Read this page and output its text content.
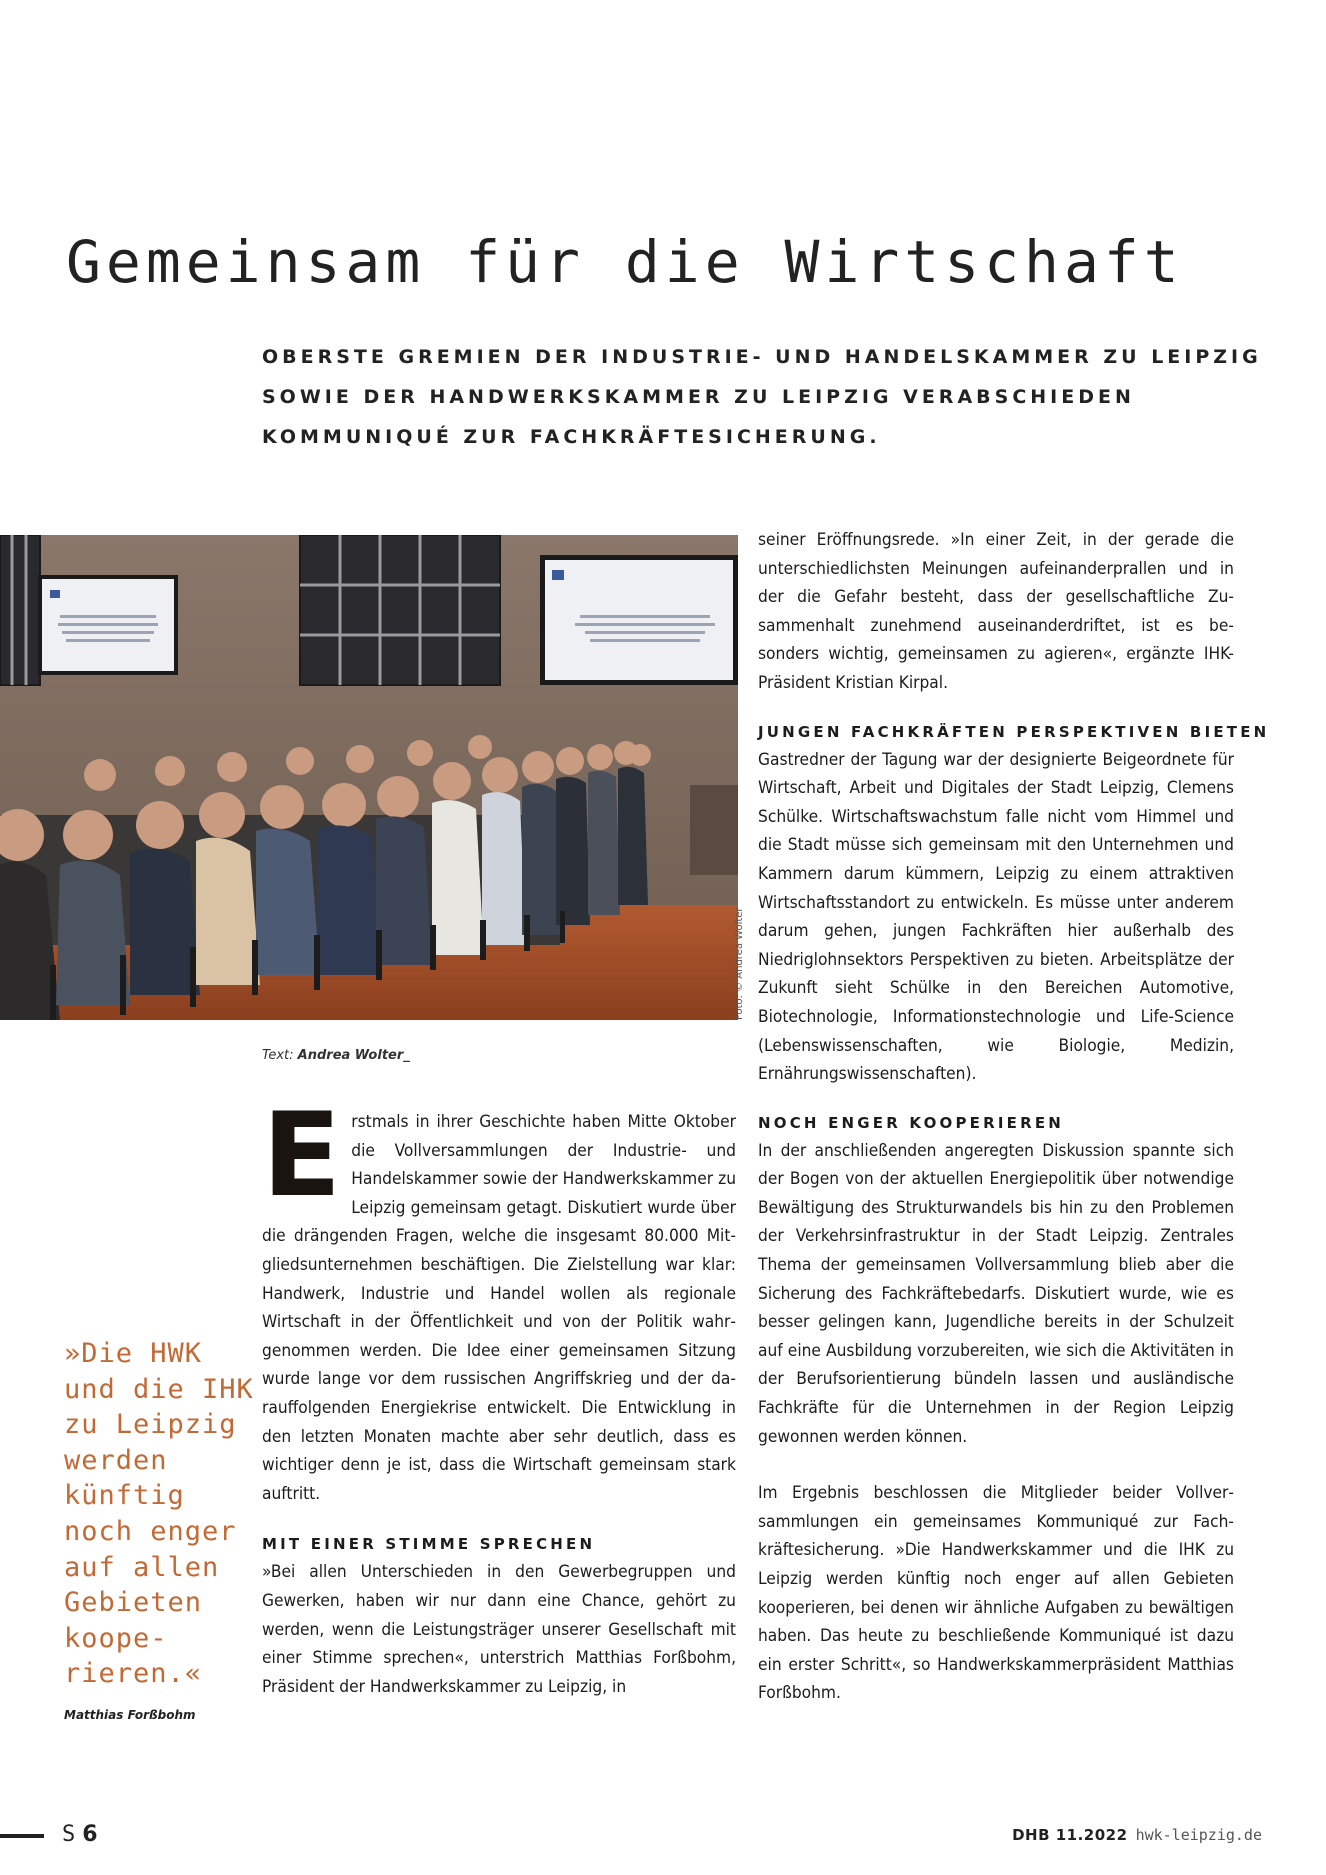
Gemeinsam für die Wirtschaft
OBERSTE GREMIEN DER INDUSTRIE- UND HANDELSKAMMER ZU LEIPZIG
SOWIE DER HANDWERKSKAMMER ZU LEIPZIG VERABSCHIEDEN
KOMMUNIQUÉ ZUR FACHKRÄFTESICHERUNG.
Foto: © Andrea Wolter
Text: Andrea Wolter_

Erstmals in ihrer Geschichte haben Mitte Oktober die Vollversammlungen der Industrie- und Handelskammer sowie der Handwerkskammer zu Leipzig gemeinsam getagt. Diskutiert wurde über die drängenden Fragen, welche die insgesamt 80.000 Mitgliedsunternehmen beschäftigen. Die Zielstellung war klar: Handwerk, Industrie und Handel wollen als regionale Wirtschaft in der Öffentlichkeit und von der Politik wahrgenommen werden. Die Idee einer gemeinsamen Sitzung wurde lange vor dem russischen Angriffskrieg und der darauffolgenden Energiekrise entwickelt. Die Entwicklung in den letzten Monaten machte aber sehr deutlich, dass es wichtiger denn je ist, dass die Wirtschaft gemeinsam stark auftritt.

MIT EINER STIMME SPRECHEN

»Bei allen Unterschieden in den Gewerbegruppen und Gewerken, haben wir nur dann eine Chance, gehört zu werden, wenn die Leistungsträger unserer Gesellschaft mit einer Stimme sprechen«, unterstrich Matthias Forßbohm, Präsident der Handwerkskammer zu Leipzig, in

seiner Eröffnungsrede. »In einer Zeit, in der gerade die unterschiedlichsten Meinungen aufeinanderprallen und in der die Gefahr besteht, dass der gesellschaftliche Zusammenhalt zunehmend auseinanderdriftet, ist es besonders wichtig, gemeinsamen zu agieren«, ergänzte IHK-Präsident Kristian Kirpal.

JUNGEN FACHKRÄFTEN PERSPEKTIVEN BIETEN

Gastredner der Tagung war der designierte Beigeordnete für Wirtschaft, Arbeit und Digitales der Stadt Leipzig, Clemens Schülke. Wirtschaftswachstum falle nicht vom Himmel und die Stadt müsse sich gemeinsam mit den Unternehmen und Kammern darum kümmern, Leipzig zu einem attraktiven Wirtschaftsstandort zu entwickeln. Es müsse unter anderem darum gehen, jungen Fachkräften hier außerhalb des Niedriglohnsektors Perspektiven zu bieten. Arbeitsplätze der Zukunft sieht Schülke in den Bereichen Automotive, Biotechnologie, Informationstechnologie und Life-Science (Lebenswissenschaften, wie Biologie, Medizin, Ernährungswissenschaften).

NOCH ENGER KOOPERIEREN

In der anschließenden angeregten Diskussion spannte sich der Bogen von der aktuellen Energiepolitik über notwendige Bewältigung des Strukturwandels bis hin zu den Problemen der Verkehrsinfrastruktur in der Stadt Leipzig. Zentrales Thema der gemeinsamen Vollversammlung blieb aber die Sicherung des Fachkräftebedarfs. Diskutiert wurde, wie es besser gelingen kann, Jugendliche bereits in der Schulzeit auf eine Ausbildung vorzubereiten, wie sich die Aktivitäten in der Berufsorientierung bündeln lassen und ausländische Fachkräfte für die Unternehmen in der Region Leipzig gewonnen werden können.

Im Ergebnis beschlossen die Mitglieder beider Vollversammlungen ein gemeinsames Kommuniqué zur Fachkräftesicherung. »Die Handwerkskammer und die IHK zu Leipzig werden künftig noch enger auf allen Gebieten kooperieren, bei denen wir ähnliche Aufgaben zu bewältigen haben. Das heute zu beschließende Kommuniqué ist dazu ein erster Schritt«, so Handwerkskammerpräsident Matthias Forßbohm.

»Die HWK
und die IHK
zu Leipzig
werden
künftig
noch enger
auf allen
Gebieten
koope-
rieren.«
Matthias Forßbohm
S 6	DHB 11.2022 hwk-leipzig.de
